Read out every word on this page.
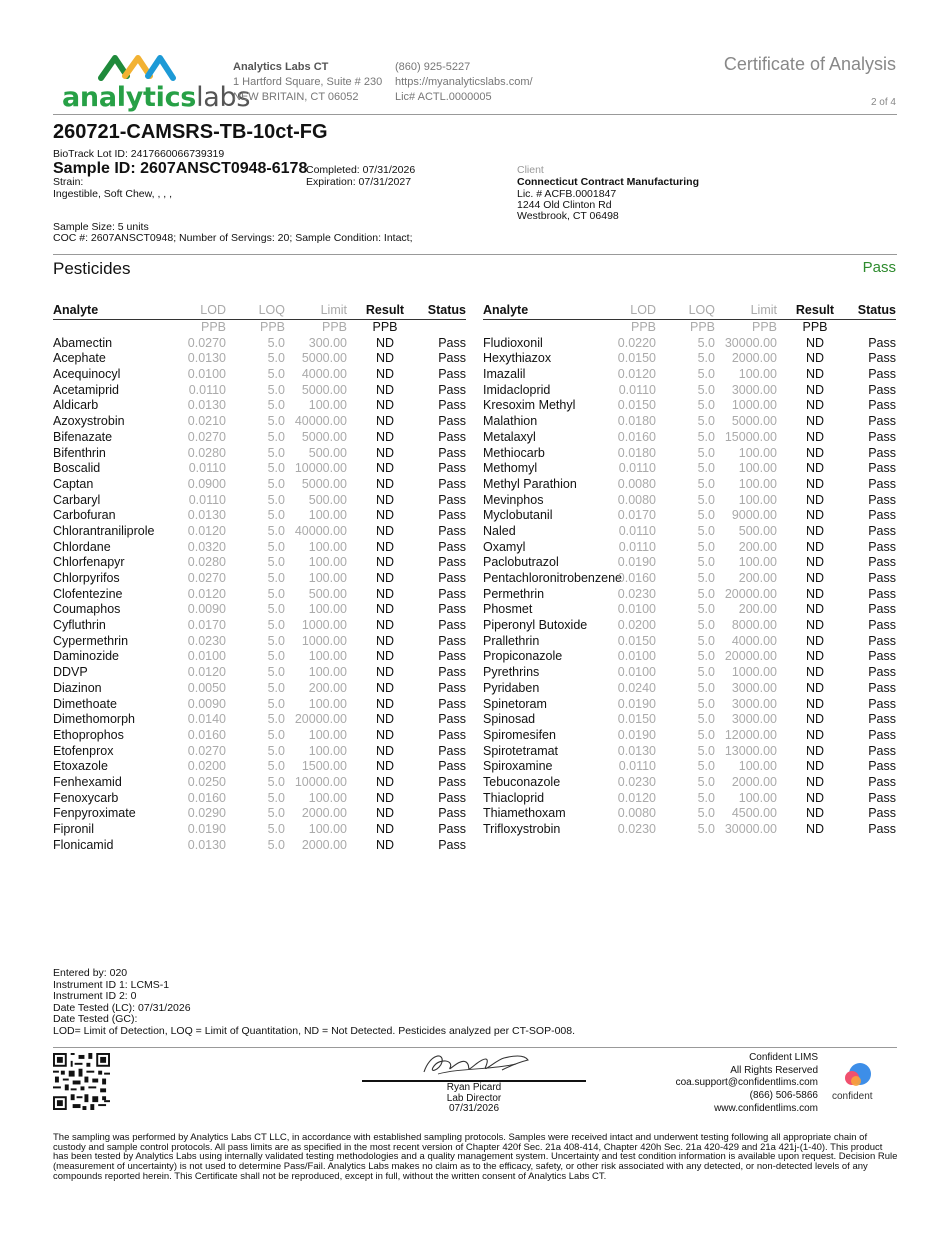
analyticslabs
Analytics Labs CT
1 Hartford Square, Suite # 230
NEW BRITAIN, CT 06052
(860) 925-5227
https://myanalyticslabs.com/
Lic# ACTL.0000005
Certificate of Analysis
2 of 4
260721-CAMSRS-TB-10ct-FG
BioTrack Lot ID: 2417660066739319
Sample ID: 2607ANSCT0948-6178
Strain:
Ingestible, Soft Chew, , , ,
Completed: 07/31/2026
Expiration: 07/31/2027
Client
Connecticut Contract Manufacturing
Lic. # ACFB.0001847
1244 Old Clinton Rd
Westbrook, CT 06498
Sample Size: 5 units
COC #: 2607ANSCT0948; Number of Servings: 20; Sample Condition: Intact;
Pesticides	Pass
Analyte	LOD	LOQ	Limit	Result	Status
PPB	PPB	PPB	PPB
Abamectin	0.0270	5.0	300.00	ND	Pass
Acephate	0.0130	5.0	5000.00	ND	Pass
Acequinocyl	0.0100	5.0	4000.00	ND	Pass
Acetamiprid	0.0110	5.0	5000.00	ND	Pass
Aldicarb	0.0130	5.0	100.00	ND	Pass
Azoxystrobin	0.0210	5.0 40000.00	ND	Pass
Bifenazate	0.0270	5.0	5000.00	ND	Pass
Bifenthrin	0.0280	5.0	500.00	ND	Pass
Boscalid	0.0110	5.0 10000.00	ND	Pass
Captan	0.0900	5.0	5000.00	ND	Pass
Carbaryl	0.0110	5.0	500.00	ND	Pass
Carbofuran	0.0130	5.0	100.00	ND	Pass
Chlorantraniliprole	0.0120	5.0 40000.00	ND	Pass
Chlordane	0.0320	5.0	100.00	ND	Pass
Chlorfenapyr	0.0280	5.0	100.00	ND	Pass
Chlorpyrifos	0.0270	5.0	100.00	ND	Pass
Clofentezine	0.0120	5.0	500.00	ND	Pass
Coumaphos	0.0090	5.0	100.00	ND	Pass
Cyfluthrin	0.0170	5.0	1000.00	ND	Pass
Cypermethrin	0.0230	5.0	1000.00	ND	Pass
Daminozide	0.0100	5.0	100.00	ND	Pass
DDVP	0.0120	5.0	100.00	ND	Pass
Diazinon	0.0050	5.0	200.00	ND	Pass
Dimethoate	0.0090	5.0	100.00	ND	Pass
Dimethomorph	0.0140	5.0 20000.00	ND	Pass
Ethoprophos	0.0160	5.0	100.00	ND	Pass
Etofenprox	0.0270	5.0	100.00	ND	Pass
Etoxazole	0.0200	5.0	1500.00	ND	Pass
Fenhexamid	0.0250	5.0 10000.00	ND	Pass
Fenoxycarb	0.0160	5.0	100.00	ND	Pass
Fenpyroximate	0.0290	5.0	2000.00	ND	Pass
Fipronil	0.0190	5.0	100.00	ND	Pass
Flonicamid	0.0130	5.0	2000.00	ND	Pass
Analyte	LOD	LOQ	Limit	Result	Status
PPB	PPB	PPB	PPB
Fludioxonil	0.0220	5.0 30000.00	ND	Pass
Hexythiazox	0.0150	5.0	2000.00	ND	Pass
Imazalil	0.0120	5.0	100.00	ND	Pass
Imidacloprid	0.0110	5.0	3000.00	ND	Pass
Kresoxim Methyl	0.0150	5.0	1000.00	ND	Pass
Malathion	0.0180	5.0	5000.00	ND	Pass
Metalaxyl	0.0160	5.0 15000.00	ND	Pass
Methiocarb	0.0180	5.0	100.00	ND	Pass
Methomyl	0.0110	5.0	100.00	ND	Pass
Methyl Parathion	0.0080	5.0	100.00	ND	Pass
Mevinphos	0.0080	5.0	100.00	ND	Pass
Myclobutanil	0.0170	5.0	9000.00	ND	Pass
Naled	0.0110	5.0	500.00	ND	Pass
Oxamyl	0.0110	5.0	200.00	ND	Pass
Paclobutrazol	0.0190	5.0	100.00	ND	Pass
Pentachloronitrobenzene
0.0160	5.0	200.00	ND	Pass
Permethrin	0.0230	5.0 20000.00	ND	Pass
Phosmet	0.0100	5.0	200.00	ND	Pass
Piperonyl Butoxide	0.0200	5.0	8000.00	ND	Pass
Prallethrin	0.0150	5.0	4000.00	ND	Pass
Propiconazole	0.0100	5.0 20000.00	ND	Pass
Pyrethrins	0.0100	5.0	1000.00	ND	Pass
Pyridaben	0.0240	5.0	3000.00	ND	Pass
Spinetoram	0.0190	5.0	3000.00	ND	Pass
Spinosad	0.0150	5.0	3000.00	ND	Pass
Spiromesifen	0.0190	5.0 12000.00	ND	Pass
Spirotetramat	0.0130	5.0 13000.00	ND	Pass
Spiroxamine	0.0110	5.0	100.00	ND	Pass
Tebuconazole	0.0230	5.0	2000.00	ND	Pass
Thiacloprid	0.0120	5.0	100.00	ND	Pass
Thiamethoxam	0.0080	5.0	4500.00	ND	Pass
Trifloxystrobin	0.0230	5.0 30000.00	ND	Pass
Entered by: 020
Instrument ID 1: LCMS-1
Instrument ID 2: 0
Date Tested (LC): 07/31/2026
Date Tested (GC):
LOD= Limit of Detection, LOQ = Limit of Quantitation, ND = Not Detected. Pesticides analyzed per CT-SOP-008.
Ryan Picard
Lab Director
07/31/2026
Confident LIMS
All Rights Reserved
coa.support@confidentlims.com
(866) 506-5866
www.confidentlims.com
confident
The sampling was performed by Analytics Labs CT LLC, in accordance with established sampling protocols. Samples were received intact and underwent testing following all appropriate chain of custody and sample control protocols. All pass limits are as specified in the most recent version of Chapter 420f Sec. 21a 408-414, Chapter 420h Sec. 21a 420-429 and 21a 421j-(1-40). This product has been tested by Analytics Labs using internally validated testing methodologies and a quality management system. Uncertainty and test condition information is available upon request. Decision Rule (measurement of uncertainty) is not used to determine Pass/Fail. Analytics Labs makes no claim as to the efficacy, safety, or other risk associated with any detected, or non-detected levels of any compounds reported herein. This Certificate shall not be reproduced, except in full, without the written consent of Analytics Labs CT.
